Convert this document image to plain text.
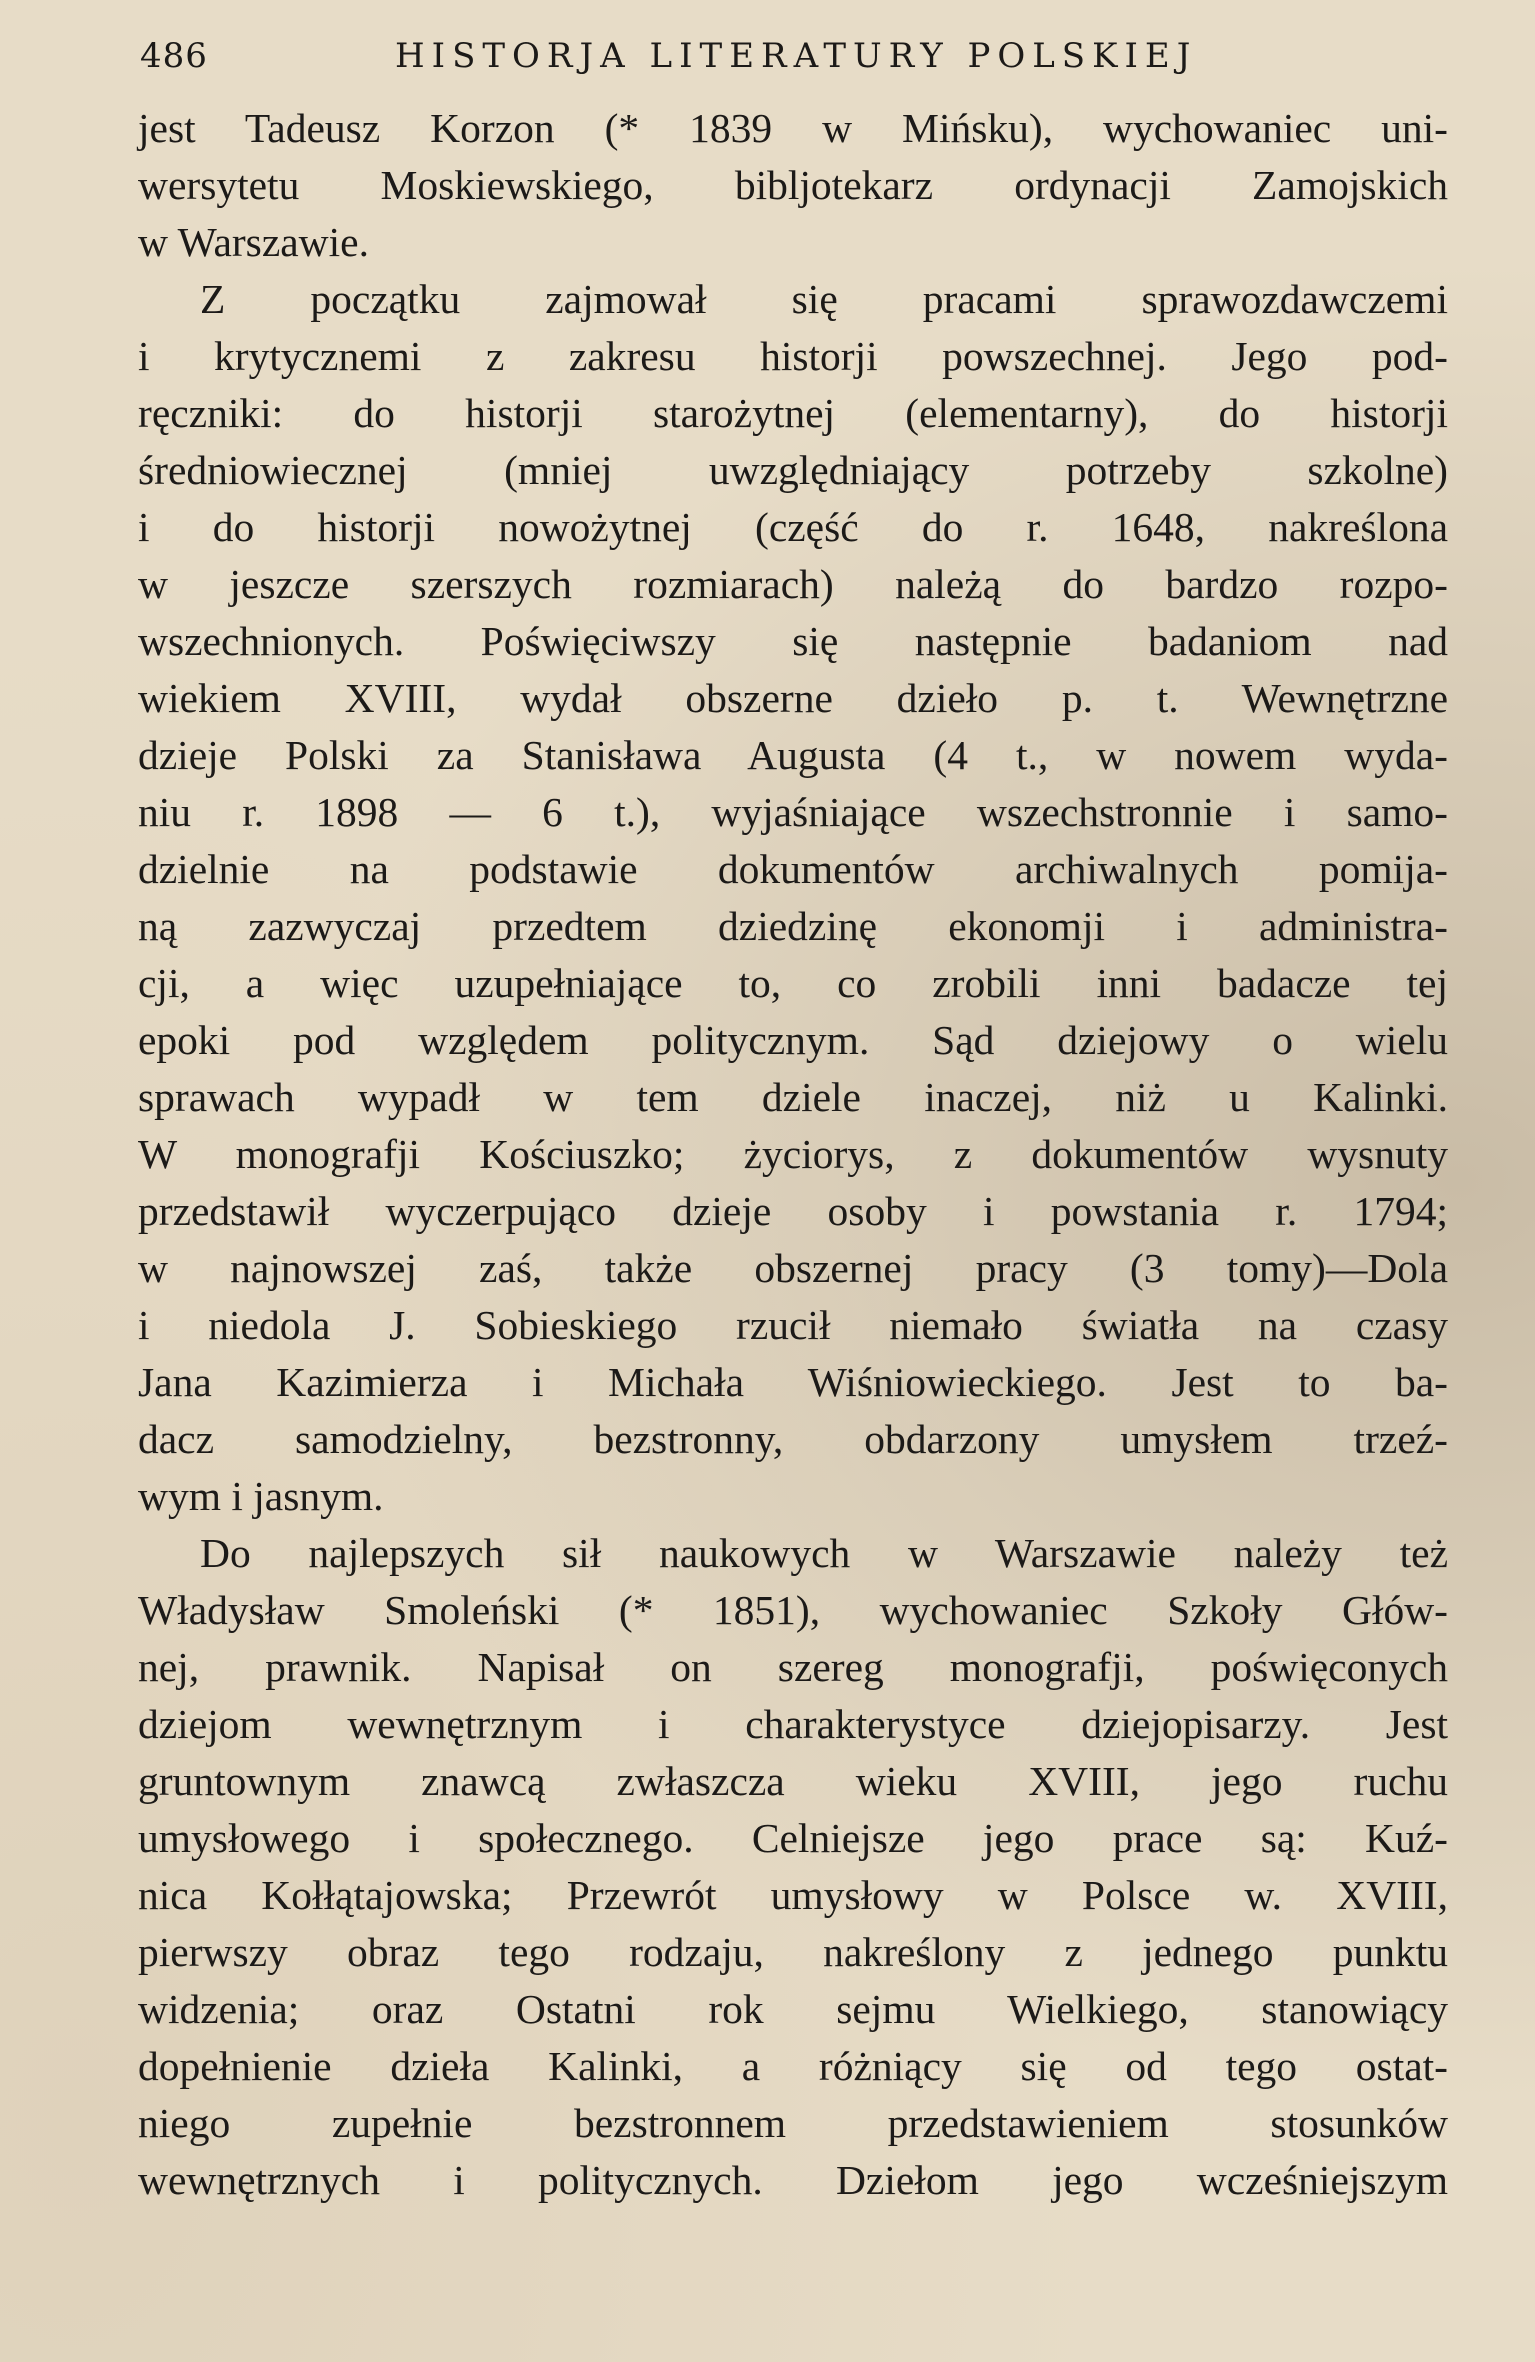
486	HISTORJA LITERATURY POLSKIEJ
jest Tadeusz Korzon (* 1839 w Mińsku), wychowaniec uni-
wersytetu Moskiewskiego, bibljotekarz ordynacji Zamojskich
w Warszawie.
Z początku zajmował się pracami sprawozdawczemi
i krytycznemi z zakresu historji powszechnej. Jego pod-
ręczniki: do historji starożytnej (elementarny), do historji
średniowiecznej (mniej uwzględniający potrzeby szkolne)
i do historji nowożytnej (część do r. 1648, nakreślona
w jeszcze szerszych rozmiarach) należą do bardzo rozpo-
wszechnionych. Poświęciwszy się następnie badaniom nad
wiekiem XVIII, wydał obszerne dzieło p. t. Wewnętrzne
dzieje Polski za Stanisława Augusta (4 t., w nowem wyda-
niu r. 1898 — 6 t.), wyjaśniające wszechstronnie i samo-
dzielnie na podstawie dokumentów archiwalnych pomija-
ną zazwyczaj przedtem dziedzinę ekonomji i administra-
cji, a więc uzupełniające to, co zrobili inni badacze tej
epoki pod względem politycznym. Sąd dziejowy o wielu
sprawach wypadł w tem dziele inaczej, niż u Kalinki.
W monografji Kościuszko; życiorys, z dokumentów wysnuty
przedstawił wyczerpująco dzieje osoby i powstania r. 1794;
w najnowszej zaś, także obszernej pracy (3 tomy)—Dola
i niedola J. Sobieskiego rzucił niemało światła na czasy
Jana Kazimierza i Michała Wiśniowieckiego. Jest to ba-
dacz samodzielny, bezstronny, obdarzony umysłem trzeź-
wym i jasnym.
Do najlepszych sił naukowych w Warszawie należy też
Władysław Smoleński (* 1851), wychowaniec Szkoły Głów-
nej, prawnik. Napisał on szereg monografji, poświęconych
dziejom wewnętrznym i charakterystyce dziejopisarzy. Jest
gruntownym znawcą zwłaszcza wieku XVIII, jego ruchu
umysłowego i społecznego. Celniejsze jego prace są: Kuź-
nica Kołłątajowska; Przewrót umysłowy w Polsce w. XVIII,
pierwszy obraz tego rodzaju, nakreślony z jednego punktu
widzenia; oraz Ostatni rok sejmu Wielkiego, stanowiący
dopełnienie dzieła Kalinki, a różniący się od tego ostat-
niego zupełnie bezstronnem przedstawieniem stosunków
wewnętrznych i politycznych. Dziełom jego wcześniejszym
